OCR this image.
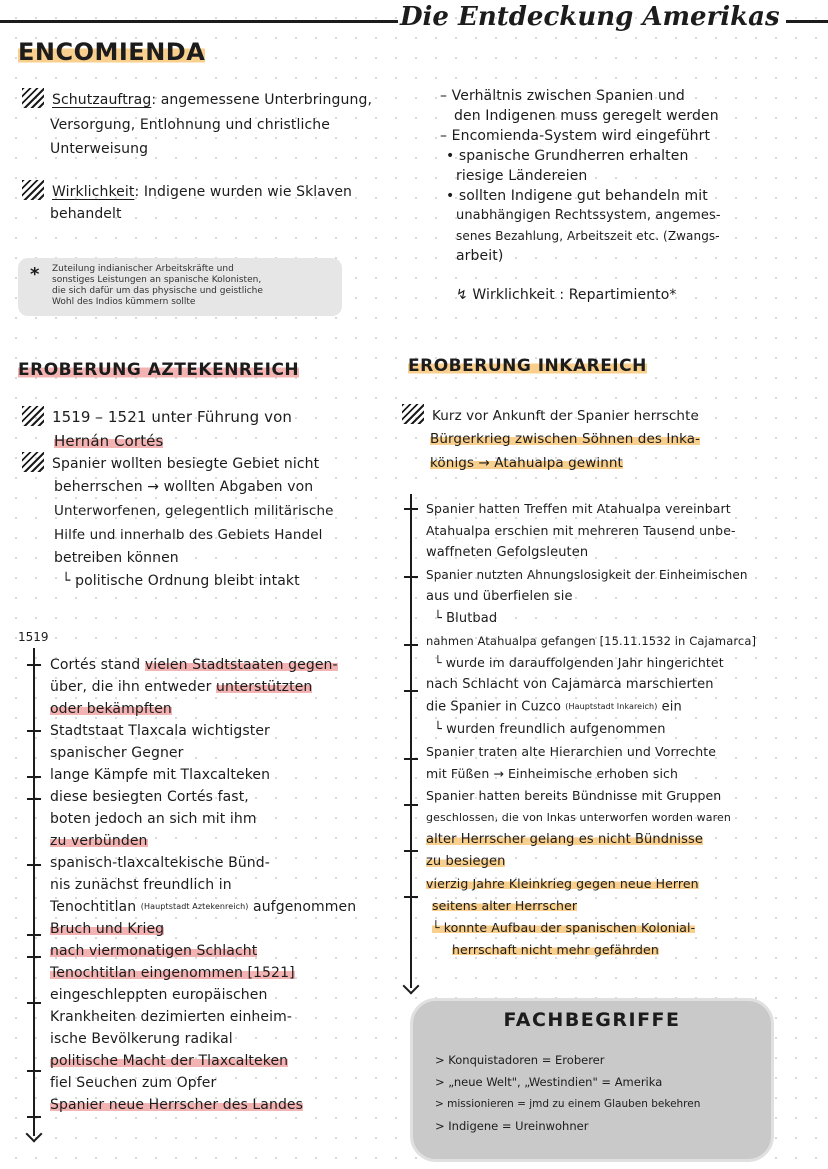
Die Entdeckung Amerikas
ENCOMIENDA
Schutzauftrag: angemessene Unterbringung,
Versorgung, Entlohnung und christliche
Unterweisung
Wirklichkeit: Indigene wurden wie Sklaven
behandelt
* Zuteilung indianischer Arbeitskräfte und
sonstiges Leistungen an spanische Kolonisten,
die sich dafür um das physische und geistliche
Wohl des Indios kümmern sollte
– Verhältnis zwischen Spanien und
den Indigenen muss geregelt werden
– Encomienda-System wird eingeführt
• spanische Grundherren erhalten
riesige Ländereien
• sollten Indigene gut behandeln mit
unabhängigen Rechtssystem, angemes-
senes Bezahlung, Arbeitszeit etc. (Zwangs-
arbeit)
↯ Wirklichkeit : Repartimiento*
EROBERUNG AZTEKENREICH
1519 – 1521 unter Führung von
Hernán Cortés
Spanier wollten besiegte Gebiet nicht
beherrschen → wollten Abgaben von
Unterworfenen, gelegentlich militärische
Hilfe und innerhalb des Gebiets Handel
betreiben können
└ politische Ordnung bleibt intakt
1519
Cortés stand vielen Stadtstaaten gegen-
über, die ihn entweder unterstützten
oder bekämpften
Stadtstaat Tlaxcala wichtigster
spanischer Gegner
lange Kämpfe mit Tlaxcalteken
diese besiegten Cortés fast,
boten jedoch an sich mit ihm
zu verbünden
spanisch-tlaxcaltekische Bünd-
nis zunächst freundlich in
Tenochtitlan (Hauptstadt Aztekenreich) aufgenommen
Bruch und Krieg
nach viermonatigen Schlacht
Tenochtitlan eingenommen [1521]
eingeschleppten europäischen
Krankheiten dezimierten einheim-
ische Bevölkerung radikal
politische Macht der Tlaxcalteken
fiel Seuchen zum Opfer
Spanier neue Herrscher des Landes
EROBERUNG INKAREICH
Kurz vor Ankunft der Spanier herrschte
Bürgerkrieg zwischen Söhnen des Inka-
königs → Atahualpa gewinnt
Spanier hatten Treffen mit Atahualpa vereinbart
Atahualpa erschien mit mehreren Tausend unbe-
waffneten Gefolgsleuten
Spanier nutzten Ahnungslosigkeit der Einheimischen
aus und überfielen sie
└ Blutbad
nahmen Atahualpa gefangen [15.11.1532 in Cajamarca]
└ wurde im darauffolgenden Jahr hingerichtet
nach Schlacht von Cajamarca marschierten
die Spanier in Cuzco (Hauptstadt Inkareich) ein
└ wurden freundlich aufgenommen
Spanier traten alte Hierarchien und Vorrechte
mit Füßen → Einheimische erhoben sich
Spanier hatten bereits Bündnisse mit Gruppen
geschlossen, die von Inkas unterworfen worden waren
alter Herrscher gelang es nicht Bündnisse
zu besiegen
vierzig Jahre Kleinkrieg gegen neue Herren
seitens alter Herrscher
└ konnte Aufbau der spanischen Kolonial-
herrschaft nicht mehr gefährden
FACHBEGRIFFE
> Konquistadoren = Eroberer
> „neue Welt", „Westindien" = Amerika
> missionieren = jmd zu einem Glauben bekehren
> Indigene = Ureinwohner
